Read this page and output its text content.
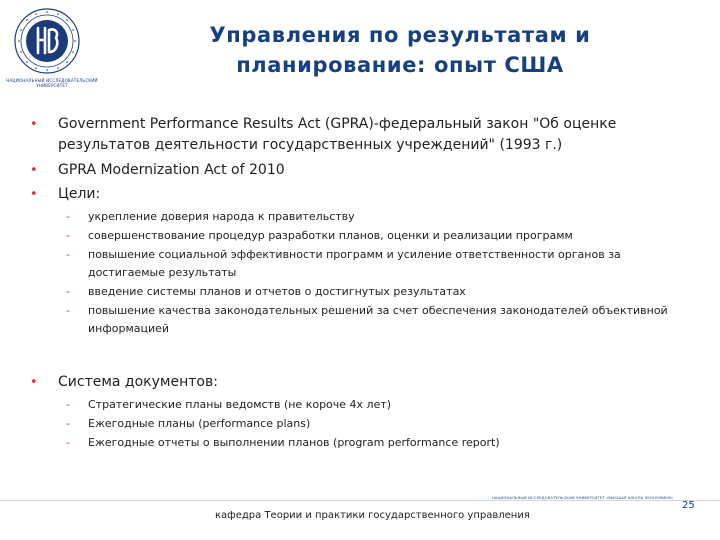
НАЦИОНАЛЬНЫЙ ИССЛЕДОВАТЕЛЬСКИЙ УНИВЕРСИТЕТ
Управления по результатам и
планирование: опыт США
• Government Performance Results Act (GPRA)-федеральный закон "Об оценке результатов деятельности государственных учреждений" (1993 г.)
• GPRA Modernization Act of 2010
• Цели:
- укрепление доверия народа к правительству
- совершенствование процедур разработки планов, оценки и реализации программ
- повышение социальной эффективности программ и усиление ответственности органов за достигаемые результаты
- введение системы планов и отчетов о достигнутых результатах
- повышение качества законодательных решений за счет обеспечения законодателей объективной информацией
• Система документов:
- Стратегические планы ведомств (не короче 4х лет)
- Ежегодные планы (performance plans)
- Ежегодные отчеты о выполнении планов (program performance report)
НАЦИОНАЛЬНЫЙ ИССЛЕДОВАТЕЛЬСКИЙ УНИВЕРСИТЕТ «ВЫСШАЯ ШКОЛА ЭКОНОМИКИ»
кафедра Теории и практики государственного управления
25
